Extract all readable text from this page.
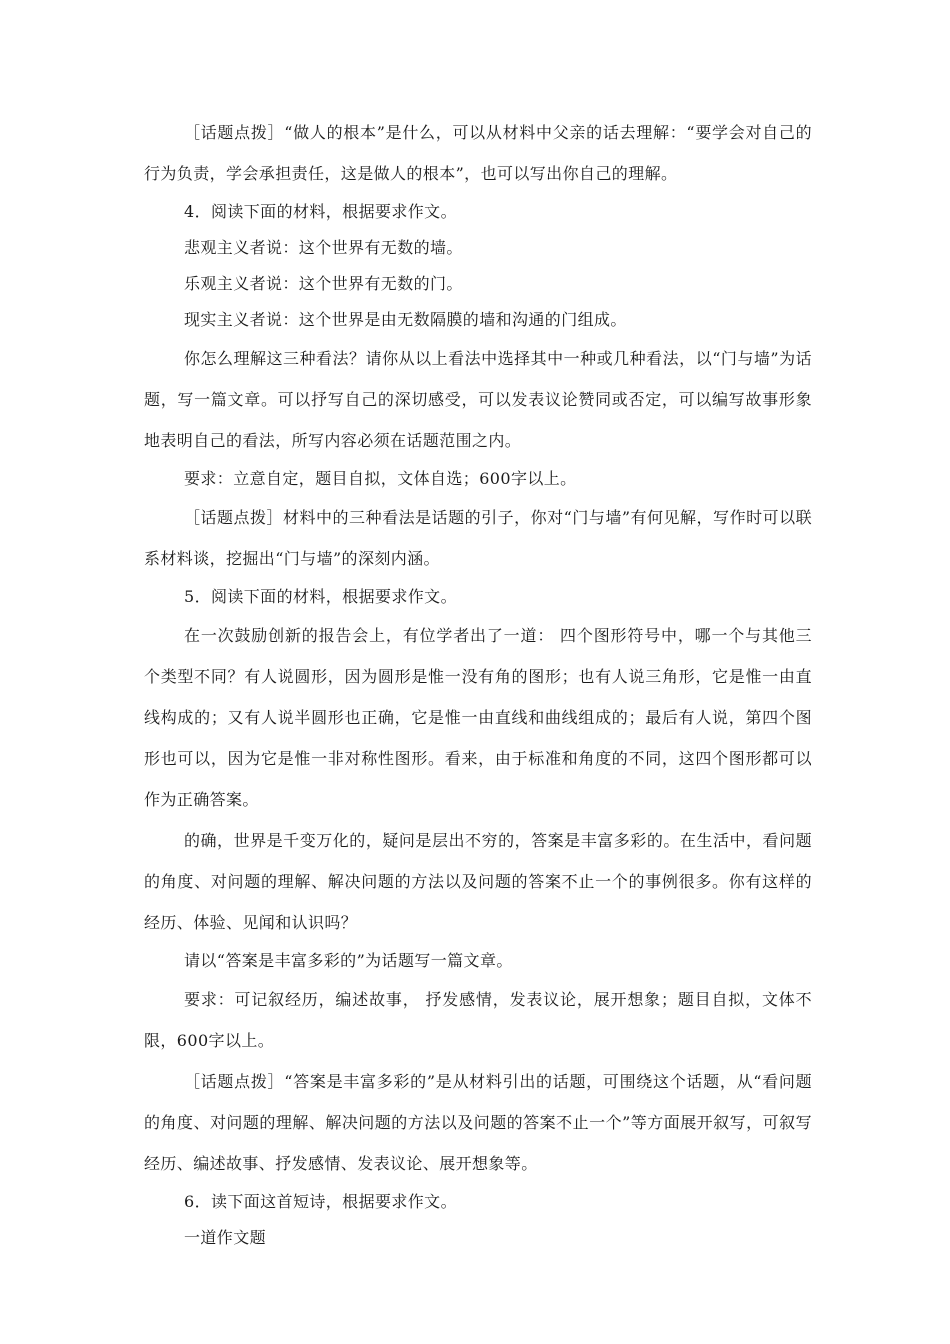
［话题点拨］“做人的根本”是什么，可以从材料中父亲的话去理解：“要学会对自己的行为负责，学会承担责任，这是做人的根本”，也可以写出你自己的理解。

4．阅读下面的材料，根据要求作文。

悲观主义者说：这个世界有无数的墙。

乐观主义者说：这个世界有无数的门。

现实主义者说：这个世界是由无数隔膜的墙和沟通的门组成。

你怎么理解这三种看法？请你从以上看法中选择其中一种或几种看法，以“门与墙”为话题，写一篇文章。可以抒写自己的深切感受，可以发表议论赞同或否定，可以编写故事形象地表明自己的看法，所写内容必须在话题范围之内。

要求：立意自定，题目自拟，文体自选；600字以上。

［话题点拨］材料中的三种看法是话题的引子，你对“门与墙”有何见解，写作时可以联系材料谈，挖掘出“门与墙”的深刻内涵。

5．阅读下面的材料，根据要求作文。

在一次鼓励创新的报告会上，有位学者出了一道： 四个图形符号中，哪一个与其他三个类型不同？有人说圆形，因为圆形是惟一没有角的图形；也有人说三角形，它是惟一由直线构成的；又有人说半圆形也正确，它是惟一由直线和曲线组成的；最后有人说，第四个图形也可以，因为它是惟一非对称性图形。看来，由于标准和角度的不同，这四个图形都可以作为正确答案。

的确，世界是千变万化的，疑问是层出不穷的，答案是丰富多彩的。在生活中，看问题的角度、对问题的理解、解决问题的方法以及问题的答案不止一个的事例很多。你有这样的经历、体验、见闻和认识吗？

请以“答案是丰富多彩的”为话题写一篇文章。

要求：可记叙经历，编述故事， 抒发感情，发表议论，展开想象；题目自拟，文体不限，600字以上。

［话题点拨］“答案是丰富多彩的”是从材料引出的话题，可围绕这个话题，从“看问题的角度、对问题的理解、解决问题的方法以及问题的答案不止一个”等方面展开叙写，可叙写经历、编述故事、抒发感情、发表议论、展开想象等。

6．读下面这首短诗，根据要求作文。

一道作文题
